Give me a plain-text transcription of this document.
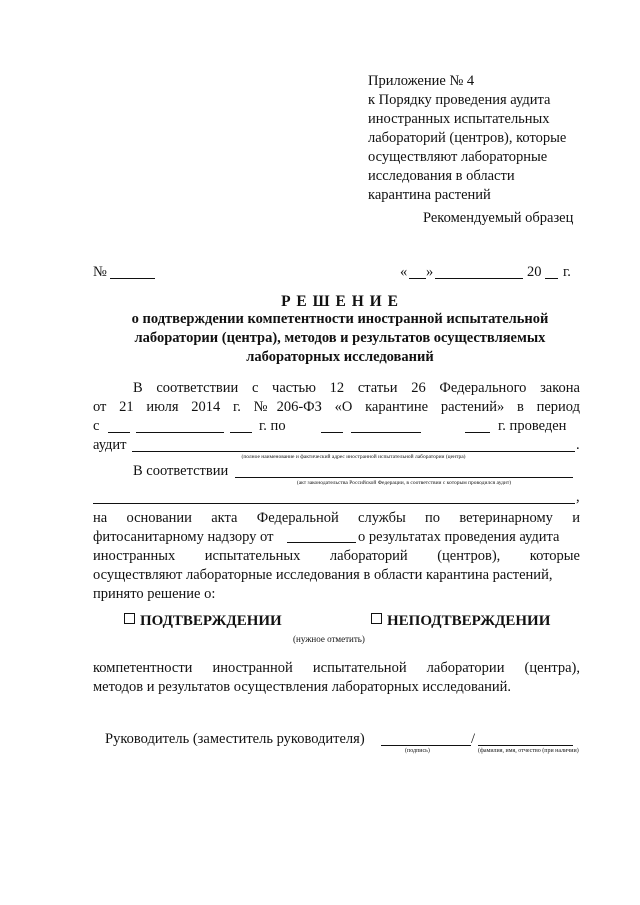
Приложение № 4
к Порядку проведения аудита
иностранных испытательных
лабораторий (центров), которые
осуществляют лабораторные
исследования в области
карантина растений
Рекомендуемый образец
№	« »	20 г.
Р Е Ш Е Н И Е
о подтверждении компетентности иностранной испытательной
лаборатории (центра), методов и результатов осуществляемых
лабораторных исследований
В соответствии с частью 12 статьи 26 Федерального закона
от 21 июля 2014 г. №206-ФЗ «О карантине растений» в период
с	г. по	г. проведен
аудит	.
(полное наименование и фактический адрес иностранной испытательной лаборатории (центра)
В соответствии
(акт законодательства Российской Федерации, в соответствии с которым проводился аудит)
,
на основании акта Федеральной службы по ветеринарному и
фитосанитарному надзору от	о результатах проведения аудита
иностранных испытательных лабораторий (центров), которые
осуществляют лабораторные исследования в области карантина растений,
принято решение о:
ПОДТВЕРЖДЕНИИ	НЕПОДТВЕРЖДЕНИИ
(нужное отметить)
компетентности иностранной испытательной лаборатории (центра),
методов и результатов осуществления лабораторных исследований.
Руководитель (заместитель руководителя)	/
(подпись)	(фамилия, имя, отчество (при наличии)
